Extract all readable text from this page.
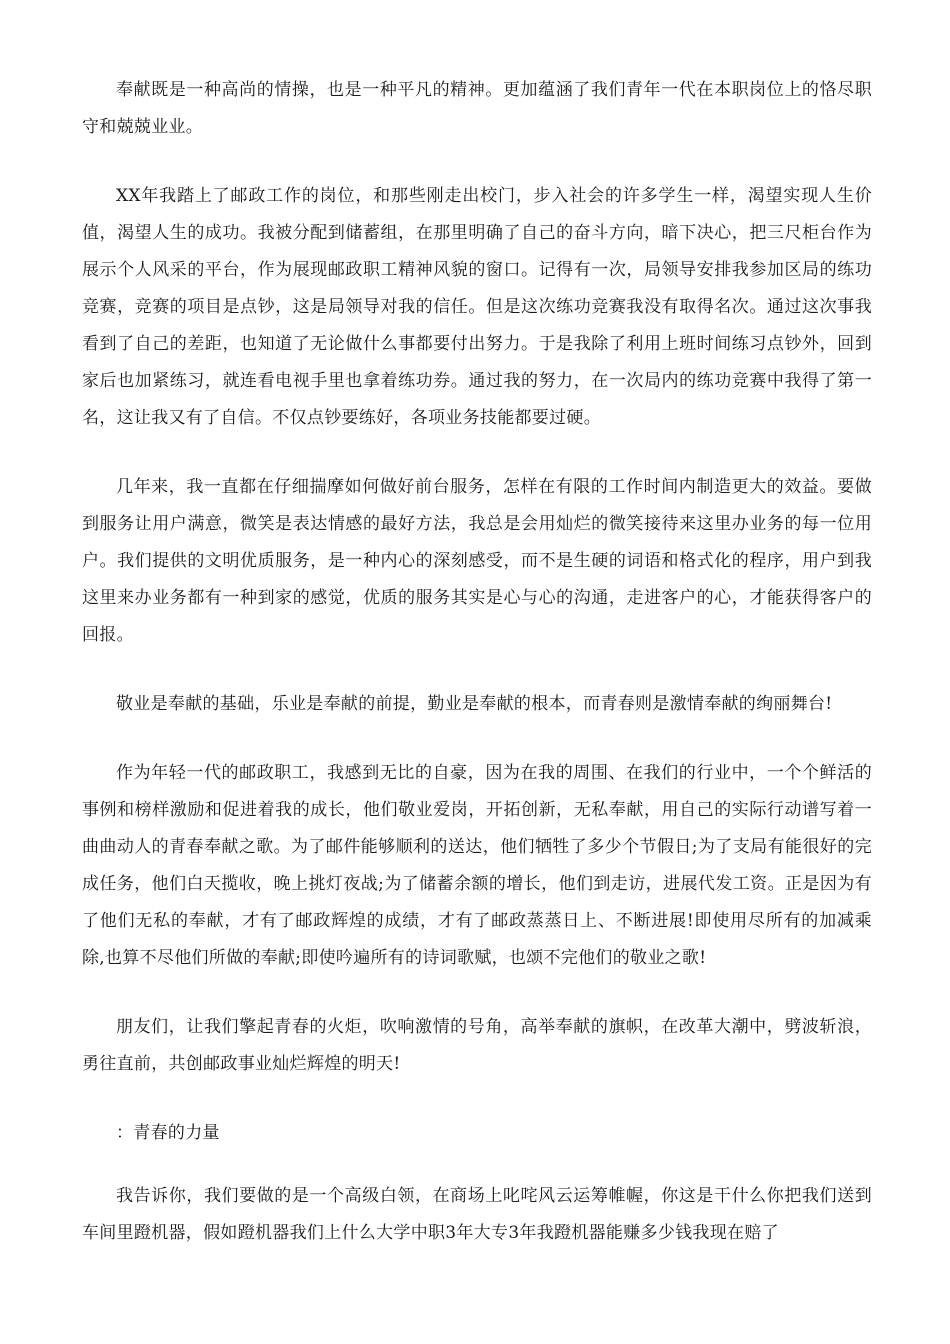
奉献既是一种高尚的情操，也是一种平凡的精神。更加蕴涵了我们青年一代在本职岗位上的恪尽职守和兢兢业业。

XX年我踏上了邮政工作的岗位，和那些刚走出校门，步入社会的许多学生一样，渴望实现人生价值，渴望人生的成功。我被分配到储蓄组，在那里明确了自己的奋斗方向，暗下决心，把三尺柜台作为展示个人风采的平台，作为展现邮政职工精神风貌的窗口。记得有一次，局领导安排我参加区局的练功竞赛，竞赛的项目是点钞，这是局领导对我的信任。但是这次练功竞赛我没有取得名次。通过这次事我看到了自己的差距，也知道了无论做什么事都要付出努力。于是我除了利用上班时间练习点钞外，回到家后也加紧练习，就连看电视手里也拿着练功券。通过我的努力，在一次局内的练功竞赛中我得了第一名，这让我又有了自信。不仅点钞要练好，各项业务技能都要过硬。

几年来，我一直都在仔细揣摩如何做好前台服务，怎样在有限的工作时间内制造更大的效益。要做到服务让用户满意，微笑是表达情感的最好方法，我总是会用灿烂的微笑接待来这里办业务的每一位用户。我们提供的文明优质服务，是一种内心的深刻感受，而不是生硬的词语和格式化的程序，用户到我这里来办业务都有一种到家的感觉，优质的服务其实是心与心的沟通，走进客户的心，才能获得客户的回报。

敬业是奉献的基础，乐业是奉献的前提，勤业是奉献的根本，而青春则是激情奉献的绚丽舞台!

作为年轻一代的邮政职工，我感到无比的自豪，因为在我的周围、在我们的行业中，一个个鲜活的事例和榜样激励和促进着我的成长，他们敬业爱岗，开拓创新，无私奉献，用自己的实际行动谱写着一曲曲动人的青春奉献之歌。为了邮件能够顺利的送达，他们牺牲了多少个节假日;为了支局有能很好的完成任务，他们白天揽收，晚上挑灯夜战;为了储蓄余额的增长，他们到走访，进展代发工资。正是因为有了他们无私的奉献，才有了邮政辉煌的成绩，才有了邮政蒸蒸日上、不断进展!即使用尽所有的加减乘除,也算不尽他们所做的奉献;即使吟遍所有的诗词歌赋，也颂不完他们的敬业之歌!

朋友们，让我们擎起青春的火炬，吹响激情的号角，高举奉献的旗帜，在改革大潮中，劈波斩浪，勇往直前，共创邮政事业灿烂辉煌的明天!

：青春的力量

我告诉你，我们要做的是一个高级白领，在商场上叱咤风云运筹帷幄，你这是干什么你把我们送到车间里蹬机器，假如蹬机器我们上什么大学中职3年大专3年我蹬机器能赚多少钱我现在赔了
